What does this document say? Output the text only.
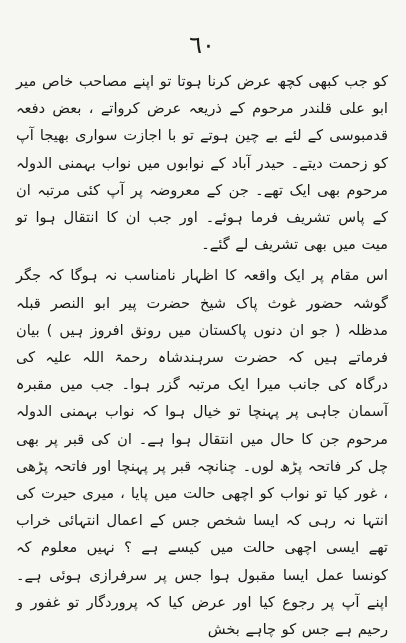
٦٠

کو جب کبھی کچھ عرض کرنا ہوتا تو اپنے مصاحب خاص میر ابو علی قلندر مرحوم کے ذریعہ عرض کرواتے ، بعض دفعہ قدمبوسی کے لئے بے چین ہوتے تو با اجازت سواری بھیجا آپ کو زحمت دیتے۔ حیدر آباد کے نوابوں میں نواب بہمنی الدولہ مرحوم بھی ایک تھے۔ جن کے معروضہ پر آپ کئی مرتبہ ان کے پاس تشریف فرما ہوئے۔ اور جب ان کا انتقال ہوا تو میت میں بھی تشریف لے گئے۔

اس مقام پر ایک واقعہ کا اظہار نامناسب نہ ہوگا کہ جگر گوشہ حضور غوث پاک شیخ حضرت پیر ابو النصر قبلہ مدظلہ ( جو ان دنوں پاکستان میں رونق افروز ہیں ) بیان فرماتے ہیں کہ حضرت سرہندشاہ رحمۃ اللہ علیہ کی درگاہ کی جانب میرا ایک مرتبہ گزر ہوا۔ جب میں مقبرہ آسمان جاہی پر پہنچا تو خیال ہوا کہ نواب بہمنی الدولہ مرحوم جن کا حال میں انتقال ہوا ہے۔ ان کی قبر پر بھی چل کر فاتحہ پڑھ لوں۔ چنانچہ قبر پر پہنچا اور فاتحہ پڑھی ، غور کیا تو نواب کو اچھی حالت میں پایا ، میری حیرت کی انتہا نہ رہی کہ ایسا شخص جس کے اعمال انتہائی خراب تھے ایسی اچھی حالت میں کیسے ہے ؟ نہیں معلوم کہ کونسا عمل ایسا مقبول ہوا جس پر سرفرازی ہوئی ہے۔ اپنے آپ پر رجوع کیا اور عرض کیا کہ پروردگار تو غفور و رحیم ہے جس کو چاہے بخش
